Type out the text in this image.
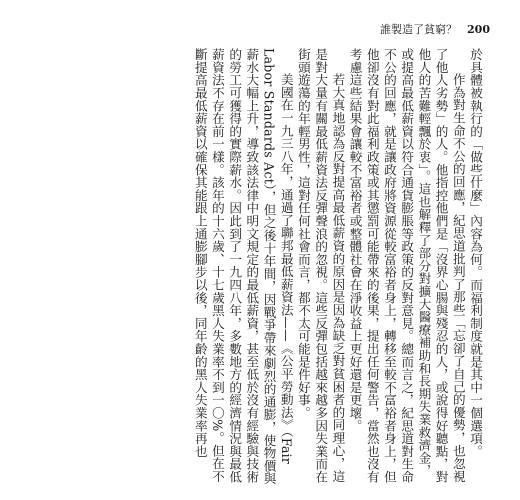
誰製造了貧窮？ 200

於具體被執行的「做些什麼」內容為何。而福利制度就是其中一個選項。

作為對生命不公的回應，紀思道批判了那些「忘卻了自己的優勢，也忽視了他人劣勢」的人。他指控他們是「沒界心腸與殘忍的人，或說得好聽點，對他人的苦難輕飄於衷」。這也解釋了部分對擴大醫療補助和長期失業救濟金，或提高最低薪資以符合通貨膨脹等政策的反對意見。總而言之，紀思道對生命不公的回應，就是讓政府將資源從較富裕者身上，轉移至較不富裕者身上，但他卻沒有對此福利政策或其懲罰可能帶來的後果，提出任何警告，當然也沒有考慮這些結果會讓較不富裕者或整體社會在淨收益上更好還是更壞。

若大真地認為反對提高最低薪資的原因是因為缺乏對貧困者的同理心，這是對大量有關最低薪資法反彈聲浪的忽視。這些反彈包括越來越多因失業而在街頭遊蕩的年輕男性，這對任何社會而言，都不太可能是件好事。

美國在一九三八年，通過了聯邦最低薪資法——《公平勞動法》（Fair Labor Standards Act），但之後十年間，因戰爭帶來劇烈的通膨，使物價與薪水大幅上升，導致該法律中明文規定的最低薪資，甚至低於沒有經驗與技術的勞工可獲得的實際薪水。因此到了一九四八年，多數地方的經濟情況與最低薪資法不存在前一樣。該年的十六歲、十七歲黑人失業率不到一〇%。但在不斷提高最低薪資以確保其能跟上通膨腳步以後，同年齡的黑人失業率再也
